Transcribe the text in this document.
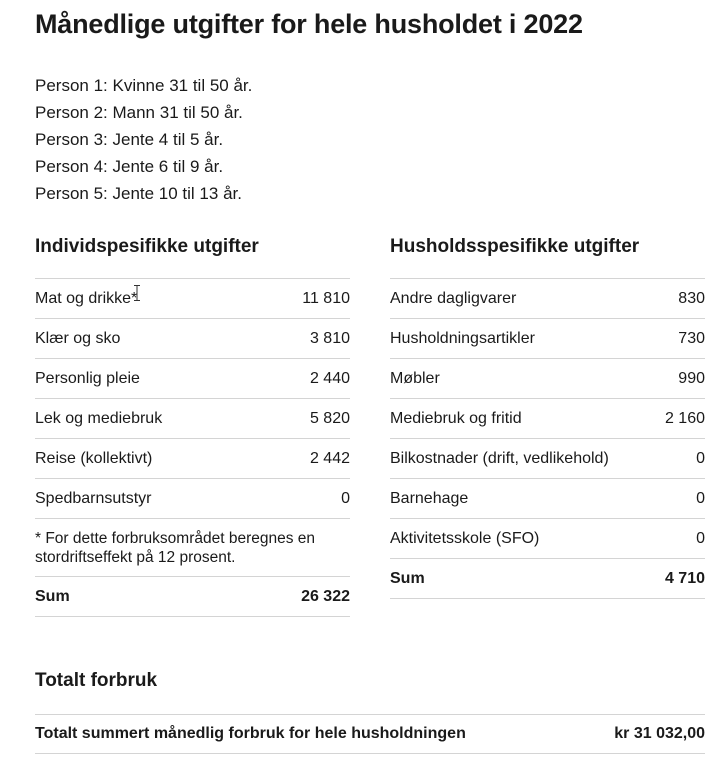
Månedlige utgifter for hele husholdet i 2022
Person 1: Kvinne 31 til 50 år.
Person 2: Mann 31 til 50 år.
Person 3: Jente 4 til 5 år.
Person 4: Jente 6 til 9 år.
Person 5: Jente 10 til 13 år.
Individspesifikke utgifter
Mat og drikke*	11 810
Klær og sko	3 810
Personlig pleie	2 440
Lek og mediebruk	5 820
Reise (kollektivt)	2 442
Spedbarnsutstyr	0
* For dette forbruksområdet beregnes en stordriftseffekt på 12 prosent.
Sum	26 322
Husholdsspesifikke utgifter
Andre dagligvarer	830
Husholdningsartikler	730
Møbler	990
Mediebruk og fritid	2 160
Bilkostnader (drift, vedlikehold)	0
Barnehage	0
Aktivitetsskole (SFO)	0
Sum	4 710
Totalt forbruk
Totalt summert månedlig forbruk for hele husholdningen	kr 31 032,00
